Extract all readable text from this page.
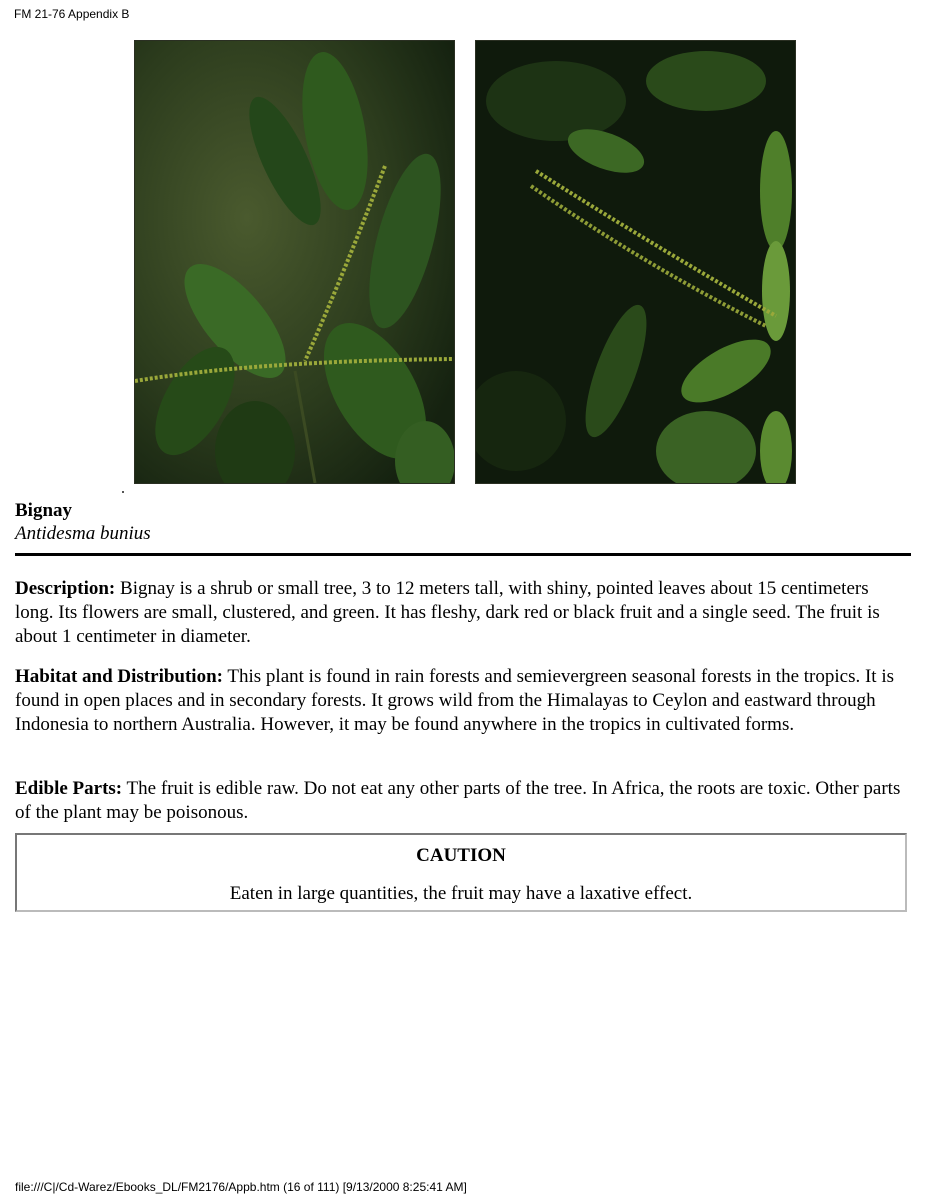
FM 21-76 Appendix B
Bignay
Antidesma bunius

Description: Bignay is a shrub or small tree, 3 to 12 meters tall, with shiny, pointed leaves about 15 centimeters long. Its flowers are small, clustered, and green. It has fleshy, dark red or black fruit and a single seed. The fruit is about 1 centimeter in diameter.

Habitat and Distribution: This plant is found in rain forests and semievergreen seasonal forests in the tropics. It is found in open places and in secondary forests. It grows wild from the Himalayas to Ceylon and eastward through Indonesia to northern Australia. However, it may be found anywhere in the tropics in cultivated forms.

Edible Parts: The fruit is edible raw. Do not eat any other parts of the tree. In Africa, the roots are toxic. Other parts of the plant may be poisonous.

CAUTION
Eaten in large quantities, the fruit may have a laxative effect.
file:///C|/Cd-Warez/Ebooks_DL/FM2176/Appb.htm (16 of 111) [9/13/2000 8:25:41 AM]
